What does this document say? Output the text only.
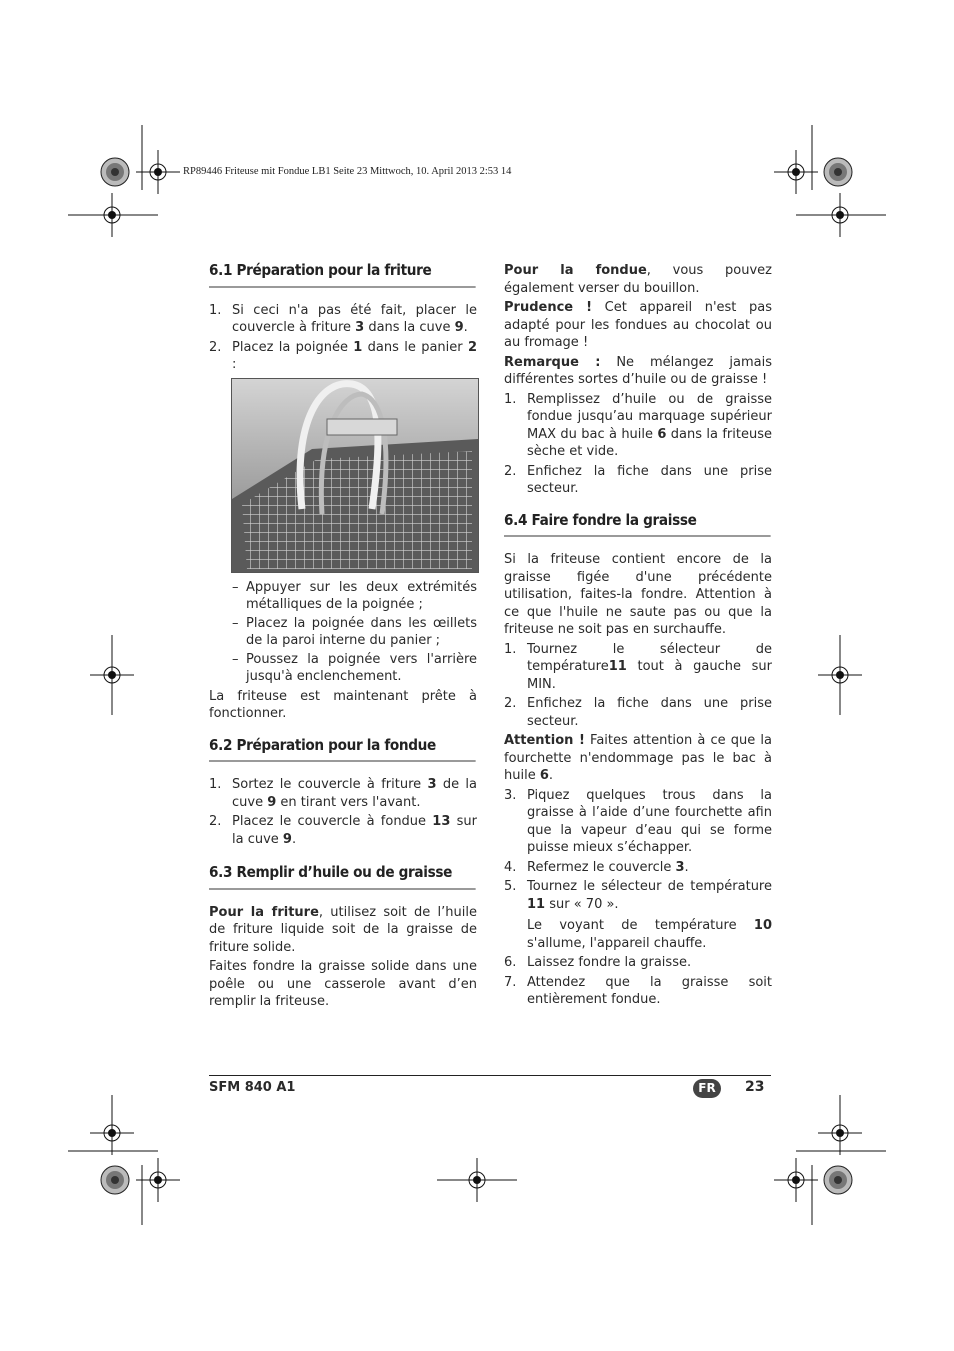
RP89446 Friteuse mit Fondue LB1 Seite 23 Mittwoch, 10. April 2013 2:53 14
6.1 Préparation pour la friture
1. Si ceci n'a pas été fait, placer le couvercle à friture 3 dans la cuve 9.
2. Placez la poignée 1 dans le panier 2 :
– Appuyer sur les deux extrémités métalliques de la poignée ;
– Placez la poignée dans les œillets de la paroi interne du panier ;
– Poussez la poignée vers l'arrière jusqu'à enclenchement.

La friteuse est maintenant prête à fonctionner.

6.2 Préparation pour la fondue
1. Sortez le couvercle à friture 3 de la cuve 9 en tirant vers l'avant.
2. Placez le couvercle à fondue 13 sur la cuve 9.
6.3 Remplir d’huile ou de graisse

Pour la friture, utilisez soit de l’huile de friture liquide soit de la graisse de friture solide.

Faites fondre la graisse solide dans une poêle ou une casserole avant d’en remplir la friteuse.

Pour la fondue, vous pouvez également verser du bouillon.

Prudence ! Cet appareil n'est pas adapté pour les fondues au chocolat ou au fromage !

Remarque : Ne mélangez jamais différentes sortes d’huile ou de graisse !

1. Remplissez d’huile ou de graisse fondue jusqu’au marquage supérieur MAX du bac à huile 6 dans la friteuse sèche et vide.
2. Enfichez la fiche dans une prise secteur.
6.4 Faire fondre la graisse

Si la friteuse contient encore de la graisse figée d'une précédente utilisation, faites-la fondre. Attention à ce que l'huile ne saute pas ou que la friteuse ne soit pas en surchauffe.

1. Tournez le sélecteur de température11 tout à gauche sur MIN.
2. Enfichez la fiche dans une prise secteur.

Attention ! Faites attention à ce que la fourchette n'endommage pas le bac à huile 6.

3. Piquez quelques trous dans la graisse à l’aide d’une fourchette afin que la vapeur d’eau qui se forme puisse mieux s’échapper.
4. Refermez le couvercle 3.
5. Tournez le sélecteur de température 11 sur « 70 ».
Le voyant de température 10 s'allume, l'appareil chauffe.
6. Laissez fondre la graisse.
7. Attendez que la graisse soit entièrement fondue.
SFM 840 A1	FR	23
